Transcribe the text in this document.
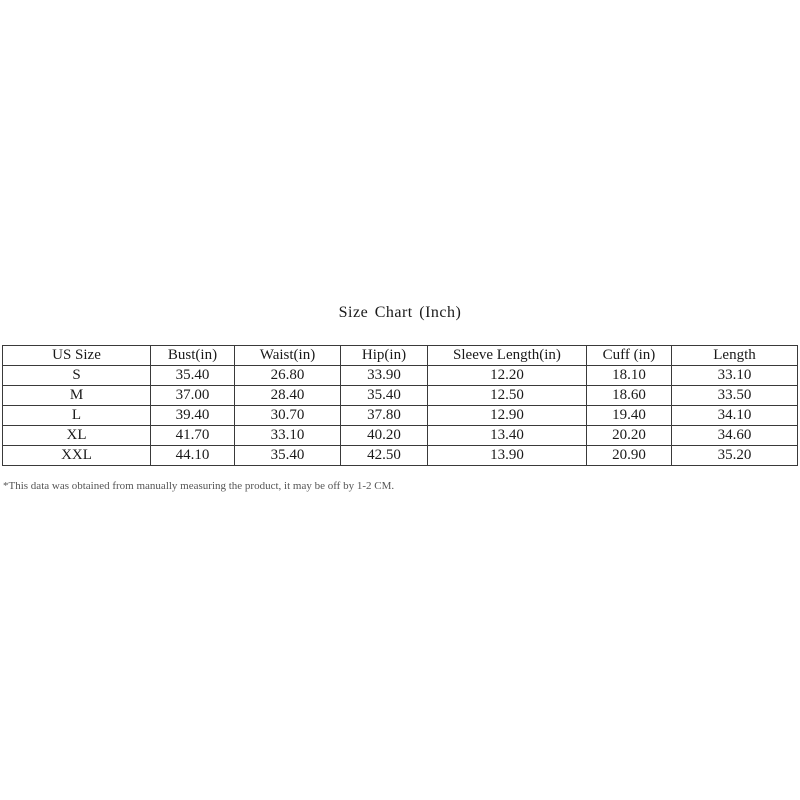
Size Chart (Inch)
US Size	Bust(in)	Waist(in)	Hip(in)	Sleeve Length(in)	Cuff (in)	Length
S	35.40	26.80	33.90	12.20	18.10	33.10
M	37.00	28.40	35.40	12.50	18.60	33.50
L	39.40	30.70	37.80	12.90	19.40	34.10
XL	41.70	33.10	40.20	13.40	20.20	34.60
XXL	44.10	35.40	42.50	13.90	20.90	35.20
*This data was obtained from manually measuring the product, it may be off by 1-2 CM.
